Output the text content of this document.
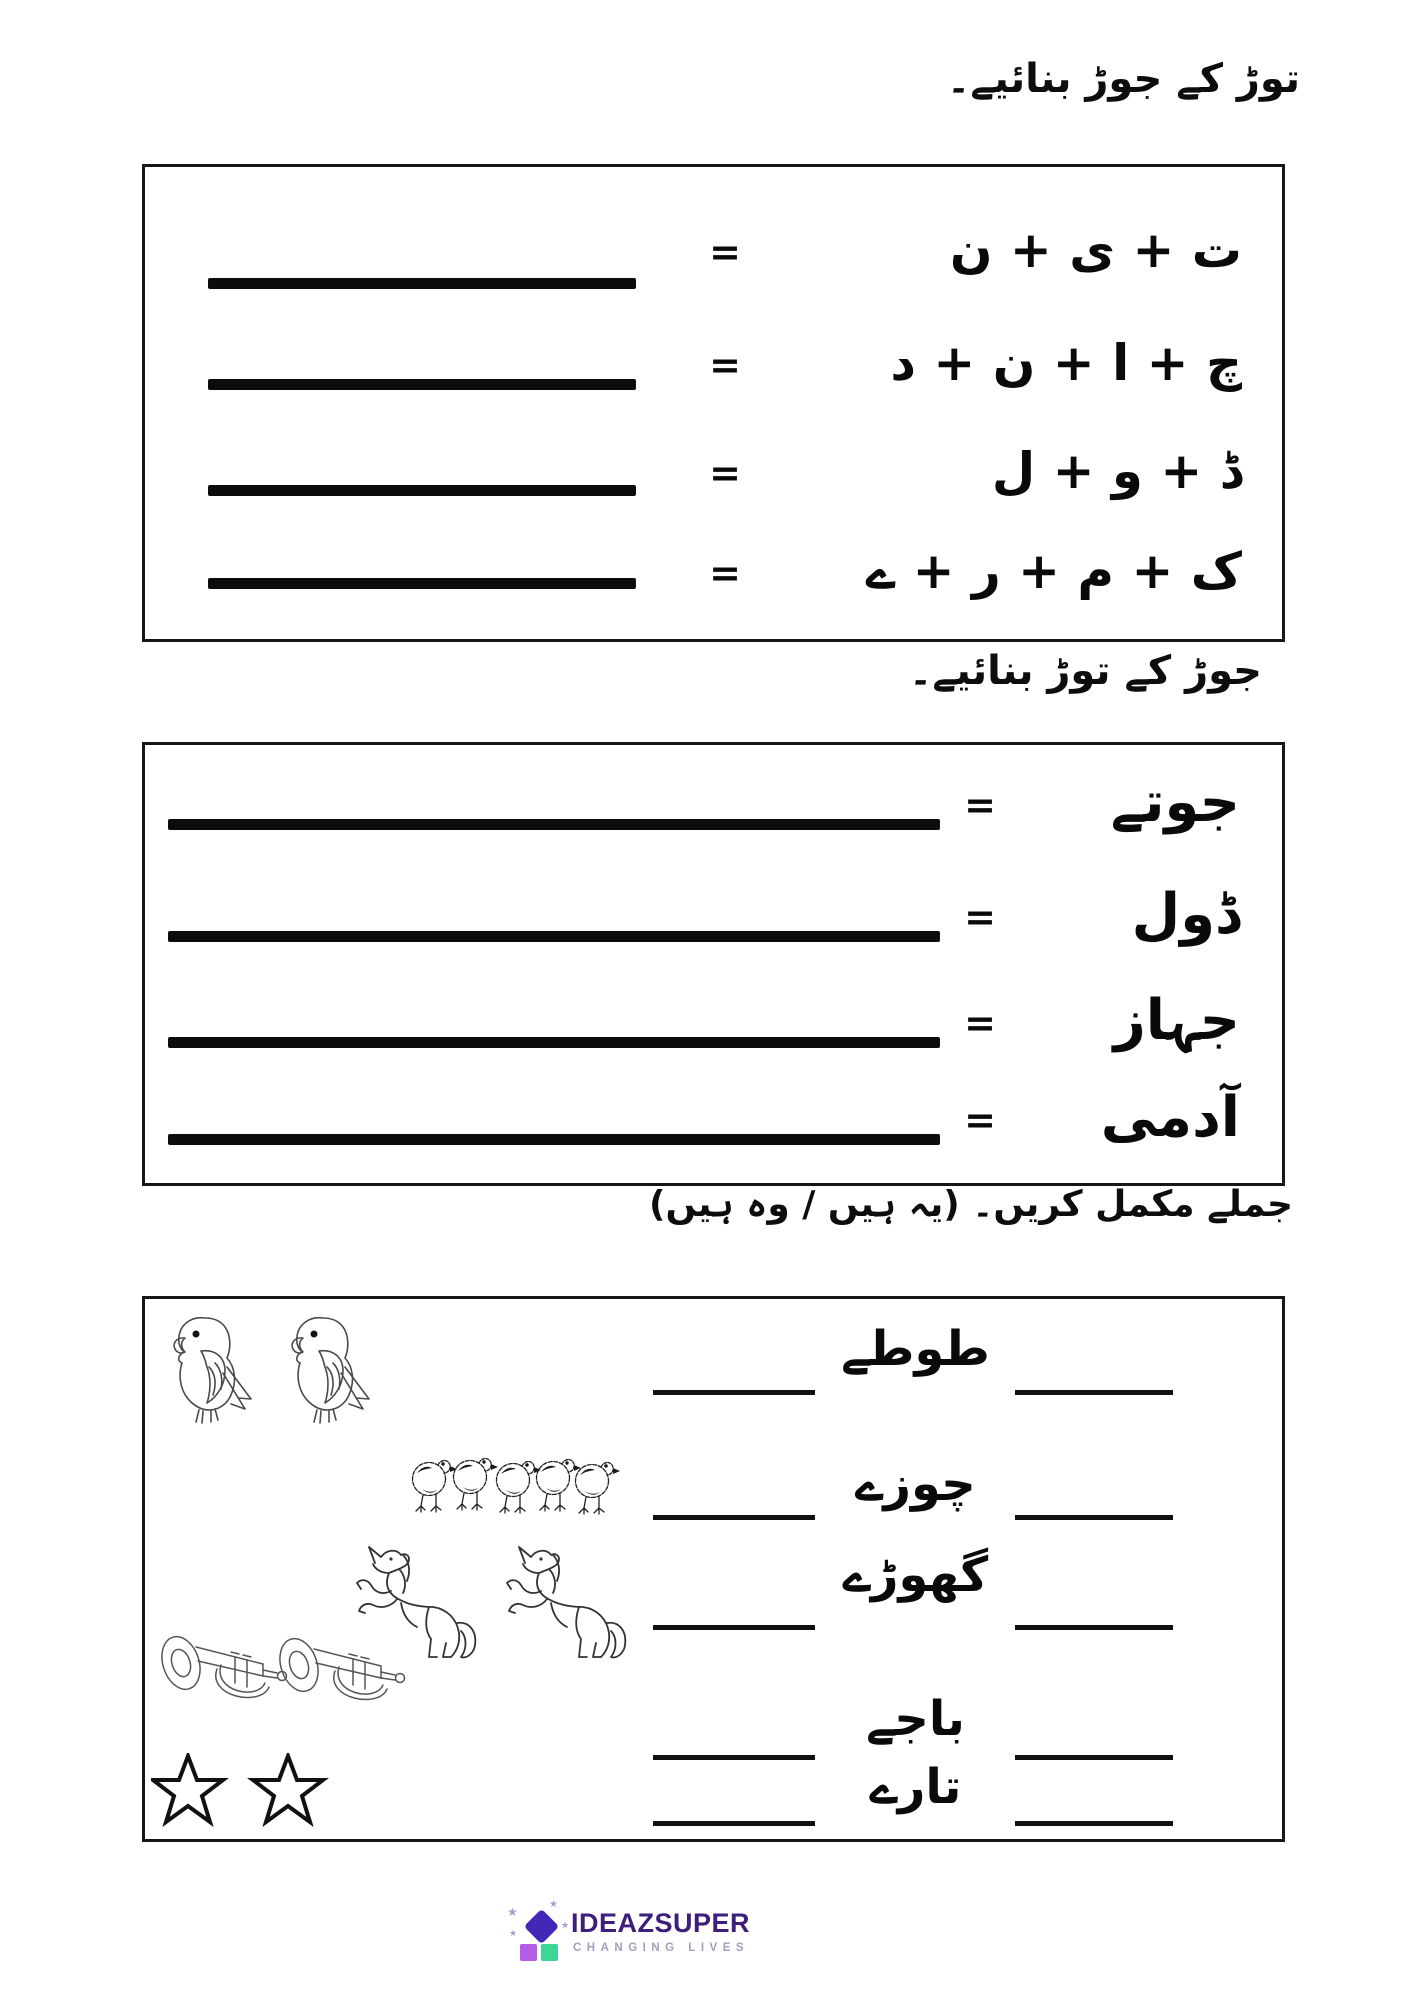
توڑ کے جوڑ بنائیے۔
ت + ی + ن
=
چ + ا + ن + د
=
ڈ + و + ل
=
ک + م + ر + ے
=
جوڑ کے توڑ بنائیے۔
جوتے
=
ڈول
=
جہاز
=
آدمی
=
جملے مکمل کریں۔ (یہ ہیں / وہ ہیں)
طوطے
چوزے
گھوڑے
باجے
تارے
★
★
★
★ IDEAZSUPER
CHANGING LIVES
